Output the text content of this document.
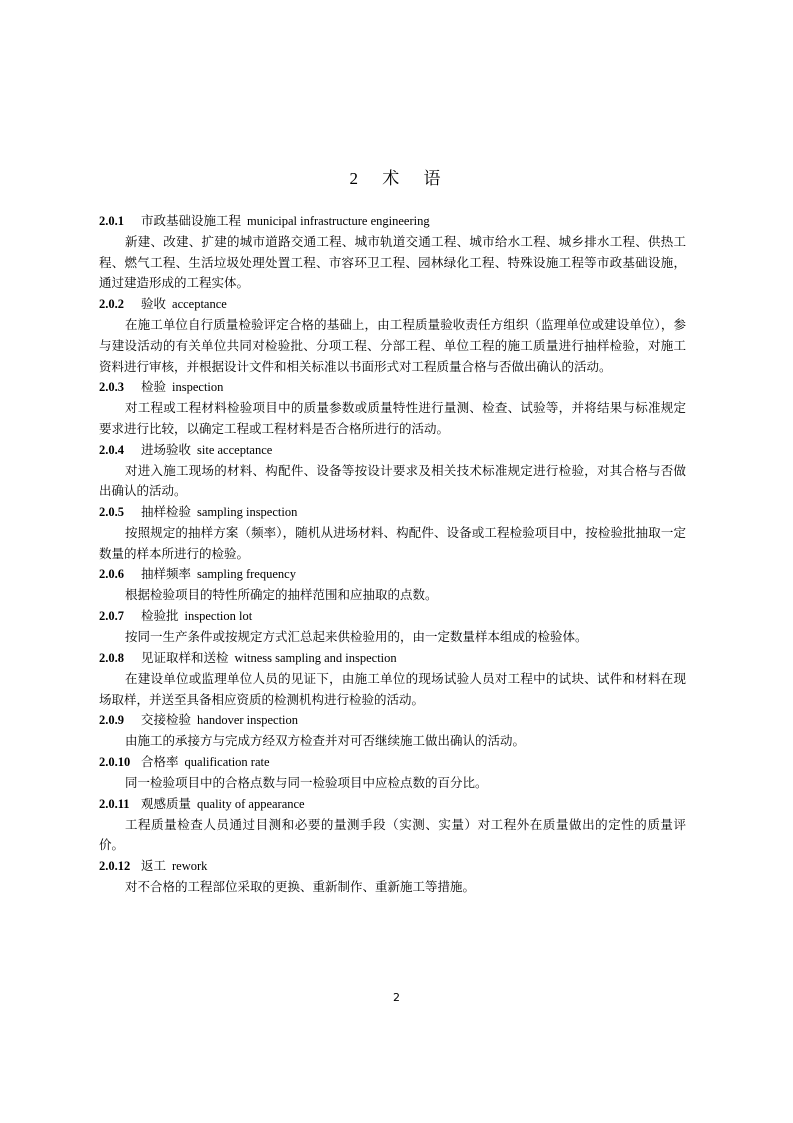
2 术 语
2.0.1 市政基础设施工程 municipal infrastructure engineering

新建、改建、扩建的城市道路交通工程、城市轨道交通工程、城市给水工程、城乡排水工程、供热工程、燃气工程、生活垃圾处理处置工程、市容环卫工程、园林绿化工程、特殊设施工程等市政基础设施，通过建造形成的工程实体。

2.0.2 验收 acceptance

在施工单位自行质量检验评定合格的基础上，由工程质量验收责任方组织（监理单位或建设单位），参与建设活动的有关单位共同对检验批、分项工程、分部工程、单位工程的施工质量进行抽样检验，对施工资料进行审核，并根据设计文件和相关标准以书面形式对工程质量合格与否做出确认的活动。

2.0.3 检验 inspection

对工程或工程材料检验项目中的质量参数或质量特性进行量测、检查、试验等，并将结果与标准规定要求进行比较，以确定工程或工程材料是否合格所进行的活动。

2.0.4 进场验收 site acceptance

对进入施工现场的材料、构配件、设备等按设计要求及相关技术标准规定进行检验，对其合格与否做出确认的活动。

2.0.5 抽样检验 sampling inspection

按照规定的抽样方案（频率），随机从进场材料、构配件、设备或工程检验项目中，按检验批抽取一定数量的样本所进行的检验。

2.0.6 抽样频率 sampling frequency

根据检验项目的特性所确定的抽样范围和应抽取的点数。

2.0.7 检验批 inspection lot

按同一生产条件或按规定方式汇总起来供检验用的，由一定数量样本组成的检验体。

2.0.8 见证取样和送检 witness sampling and inspection

在建设单位或监理单位人员的见证下，由施工单位的现场试验人员对工程中的试块、试件和材料在现场取样，并送至具备相应资质的检测机构进行检验的活动。

2.0.9 交接检验 handover inspection

由施工的承接方与完成方经双方检查并对可否继续施工做出确认的活动。

2.0.10 合格率 qualification rate

同一检验项目中的合格点数与同一检验项目中应检点数的百分比。

2.0.11 观感质量 quality of appearance

工程质量检查人员通过目测和必要的量测手段（实测、实量）对工程外在质量做出的定性的质量评价。

2.0.12 返工 rework

对不合格的工程部位采取的更换、重新制作、重新施工等措施。

2
